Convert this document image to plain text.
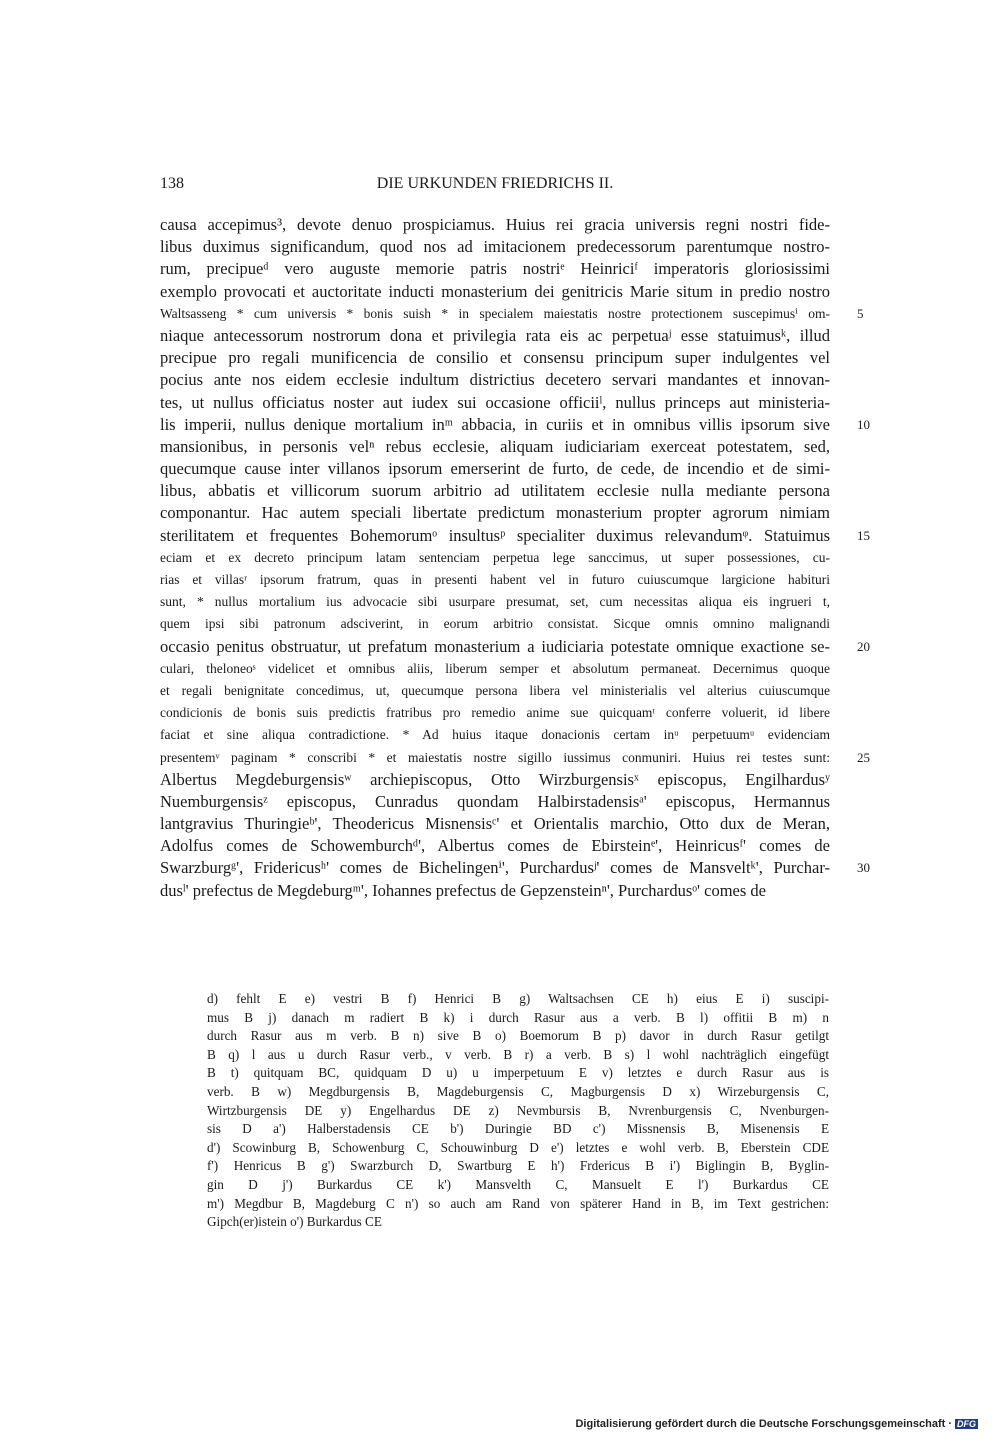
138	DIE URKUNDEN FRIEDRICHS II.
causa accepimus³, devote denuo prospiciamus. Huius rei gracia universis regni nostri fide-
libus duximus significandum, quod nos ad imitacionem predecessorum parentumque nostro-
rum, precipueᵈ vero auguste memorie patris nostriᵉ Heinriciᶠ imperatoris gloriosissimi
exemplo provocati et auctoritate inducti monasterium dei genitricis Marie situm in predio nostro
Waltsasseng * cum universis * bonis suish * in specialem maiestatis nostre protectionem suscepimusⁱ om- 5
niaque antecessorum nostrorum dona et privilegia rata eis ac perpetuaʲ esse statuimusᵏ, illud
precipue pro regali munificencia de consilio et consensu principum super indulgentes vel
pocius ante nos eidem ecclesie indultum districtius decetero servari mandantes et innovan-
tes, ut nullus officiatus noster aut iudex sui occasione officiiˡ, nullus princeps aut ministeria-
lis imperii, nullus denique mortalium inᵐ abbacia, in curiis et in omnibus villis ipsorum sive 10
mansionibus, in personis velⁿ rebus ecclesie, aliquam iudiciariam exerceat potestatem, sed,
quecumque cause inter villanos ipsorum emerserint de furto, de cede, de incendio et de simi-
libus, abbatis et villicorum suorum arbitrio ad utilitatem ecclesie nulla mediante persona
componantur. Hac autem speciali libertate predictum monasterium propter agrorum nimiam
sterilitatem et frequentes Bohemorumᵒ insultusᵖ specialiter duximus relevandumᵠ. Statuimus 15
eciam et ex decreto principum latam sentenciam perpetua lege sanccimus, ut super possessiones, cu-
rias et villasʳ ipsorum fratrum, quas in presenti habent vel in futuro cuiuscumque largicione habituri
sunt, * nullus mortalium ius advocacie sibi usurpare presumat, set, cum necessitas aliqua eis ingrueri t,
quem ipsi sibi patronum adsciverint, in eorum arbitrio consistat. Sicque omnis omnino malignandi
occasio penitus obstruatur, ut prefatum monasterium a iudiciaria potestate omnique exactione se- 20
culari, theloneoˢ videlicet et omnibus aliis, liberum semper et absolutum permaneat. Decernimus quoque
et regali benignitate concedimus, ut, quecumque persona libera vel ministerialis vel alterius cuiuscumque
condicionis de bonis suis predictis fratribus pro remedio anime sue quicquamᵗ conferre voluerit, id libere
faciat et sine aliqua contradictione. * Ad huius itaque donacionis certam inᵘ perpetuumᵘ evidenciam
presentemᵛ paginam * conscribi * et maiestatis nostre sigillo iussimus conmuniri. Huius rei testes sunt: 25
Albertus Megdeburgensisʷ archiepiscopus, Otto Wirzburgensisˣ episcopus, Engilhardusʸ
Nuemburgensisᶻ episcopus, Cunradus quondam Halbirstadensisᵃ' episcopus, Hermannus
lantgravius Thuringieᵇ', Theodericus Misnensisᶜ' et Orientalis marchio, Otto dux de Meran,
Adolfus comes de Schowemburchᵈ', Albertus comes de Ebirsteinᵉ', Heinricusᶠ' comes de
Swarzburgᵍ', Fridericusʰ' comes de Bichelingenⁱ', Purchardusʲ' comes de Mansveltᵏ', Purchar- 30
dusˡ' prefectus de Megdeburgᵐ', Iohannes prefectus de Gepzensteinⁿ', Purchardusᵒ' comes de
d) fehlt E e) vestri B f) Henrici B g) Waltsachsen CE h) eius E i) suscipi-
mus B j) danach m radiert B k) i durch Rasur aus a verb. B l) offitii B m) n
durch Rasur aus m verb. B n) sive B o) Boemorum B p) davor in durch Rasur getilgt
B q) l aus u durch Rasur verb., v verb. B r) a verb. B s) l wohl nachträglich eingefügt
B t) quitquam BC, quidquam D u) u imperpetuum E v) letztes e durch Rasur aus is
verb. B w) Megdburgensis B, Magdeburgensis C, Magburgensis D x) Wirzeburgensis C,
Wirtzburgensis DE y) Engelhardus DE z) Nevmbursis B, Nvrenburgensis C, Nvenburgen-
sis D a') Halberstadensis CE b') Duringie BD c') Missnensis B, Misenensis E
d') Scowinburg B, Schowenburg C, Schouwinburg D e') letztes e wohl verb. B, Eberstein CDE
f') Henricus B g') Swarzburch D, Swartburg E h') Frdericus B i') Biglingin B, Byglin-
gin D j') Burkardus CE k') Mansvelth C, Mansuelt E l') Burkardus CE
m') Megdbur B, Magdeburg C n') so auch am Rand von späterer Hand in B, im Text gestrichen:
Gipch(er)istein o') Burkardus CE
Digitalisierung gefördert durch die Deutsche Forschungsgemeinschaft · DFG
